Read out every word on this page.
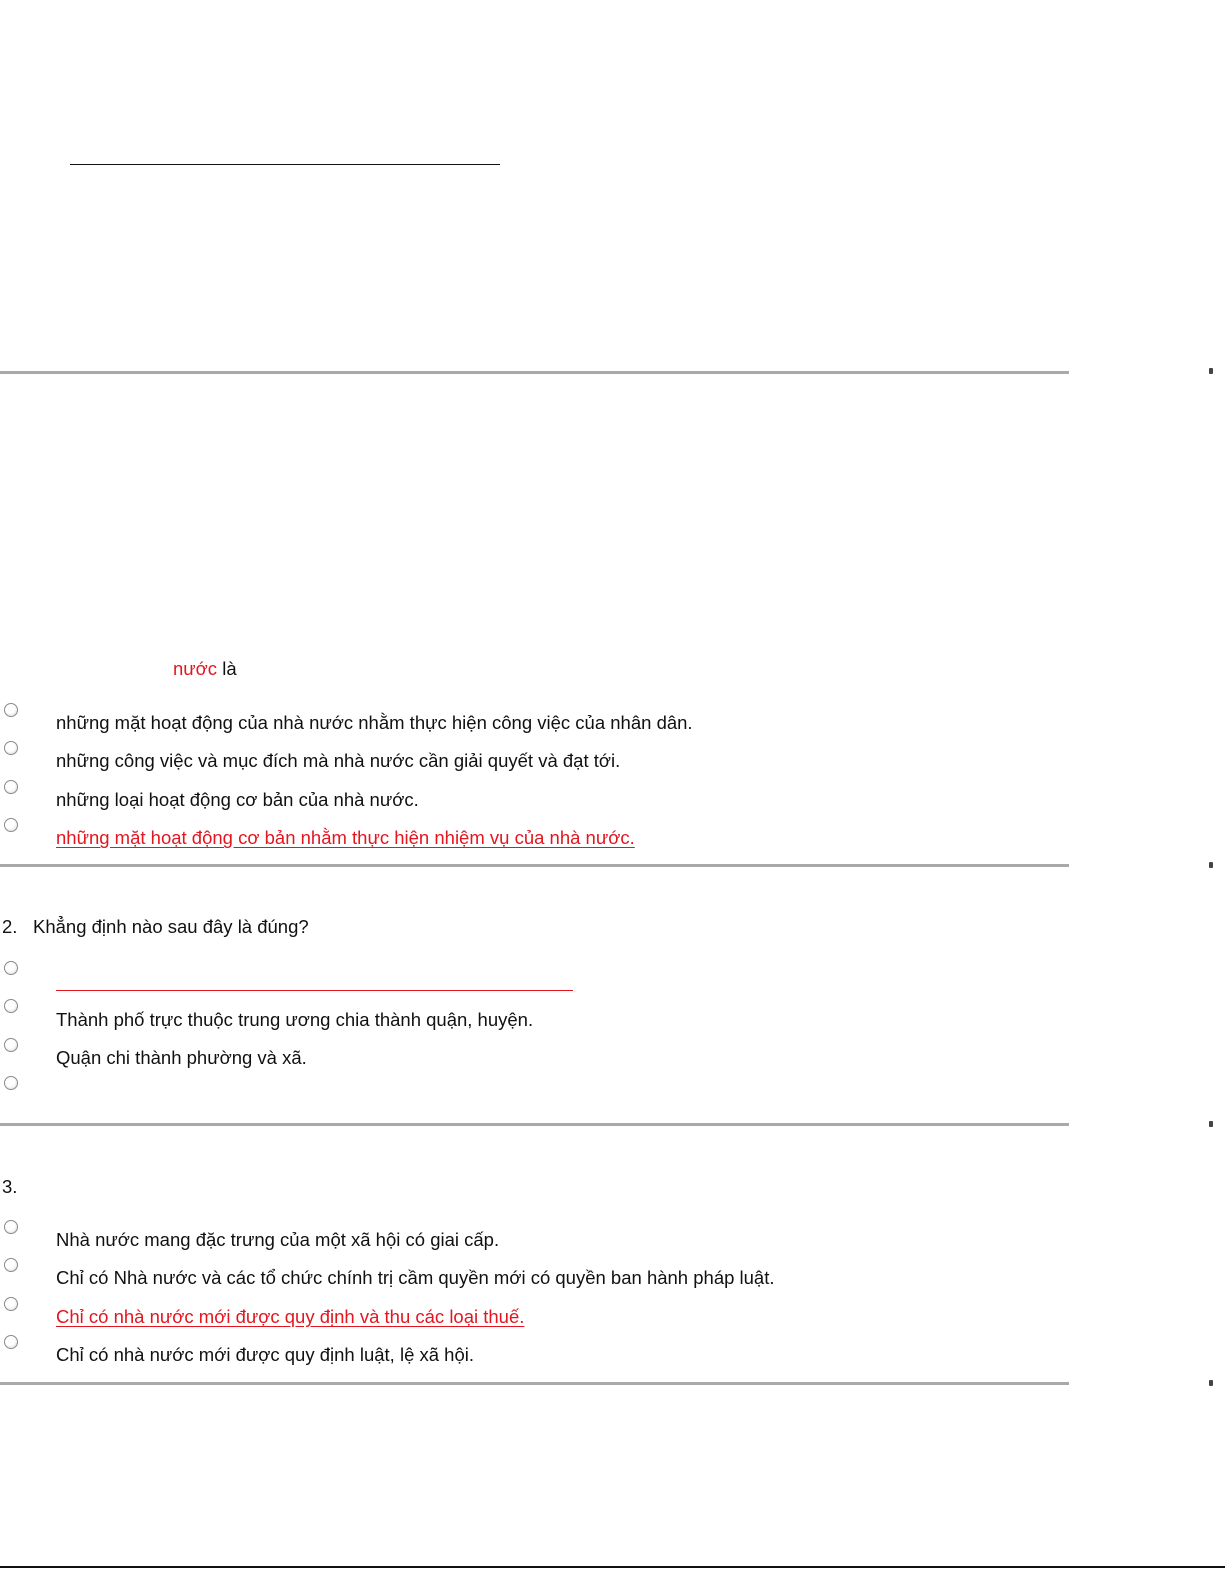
nước là
những mặt hoạt động của nhà nước nhằm thực hiện công việc của nhân dân.
những công việc và mục đích mà nhà nước cần giải quyết và đạt tới.
những loại hoạt động cơ bản của nhà nước.
những mặt hoạt động cơ bản nhằm thực hiện nhiệm vụ của nhà nước.
2. Khẳng định nào sau đây là đúng?
Thành phố trực thuộc trung ương chia thành quận, huyện.
Quận chi thành phường và xã.
3.
Nhà nước mang đặc trưng của một xã hội có giai cấp.
Chỉ có Nhà nước và các tổ chức chính trị cầm quyền mới có quyền ban hành pháp luật.
Chỉ có nhà nước mới được quy định và thu các loại thuế.
Chỉ có nhà nước mới được quy định luật, lệ xã hội.
